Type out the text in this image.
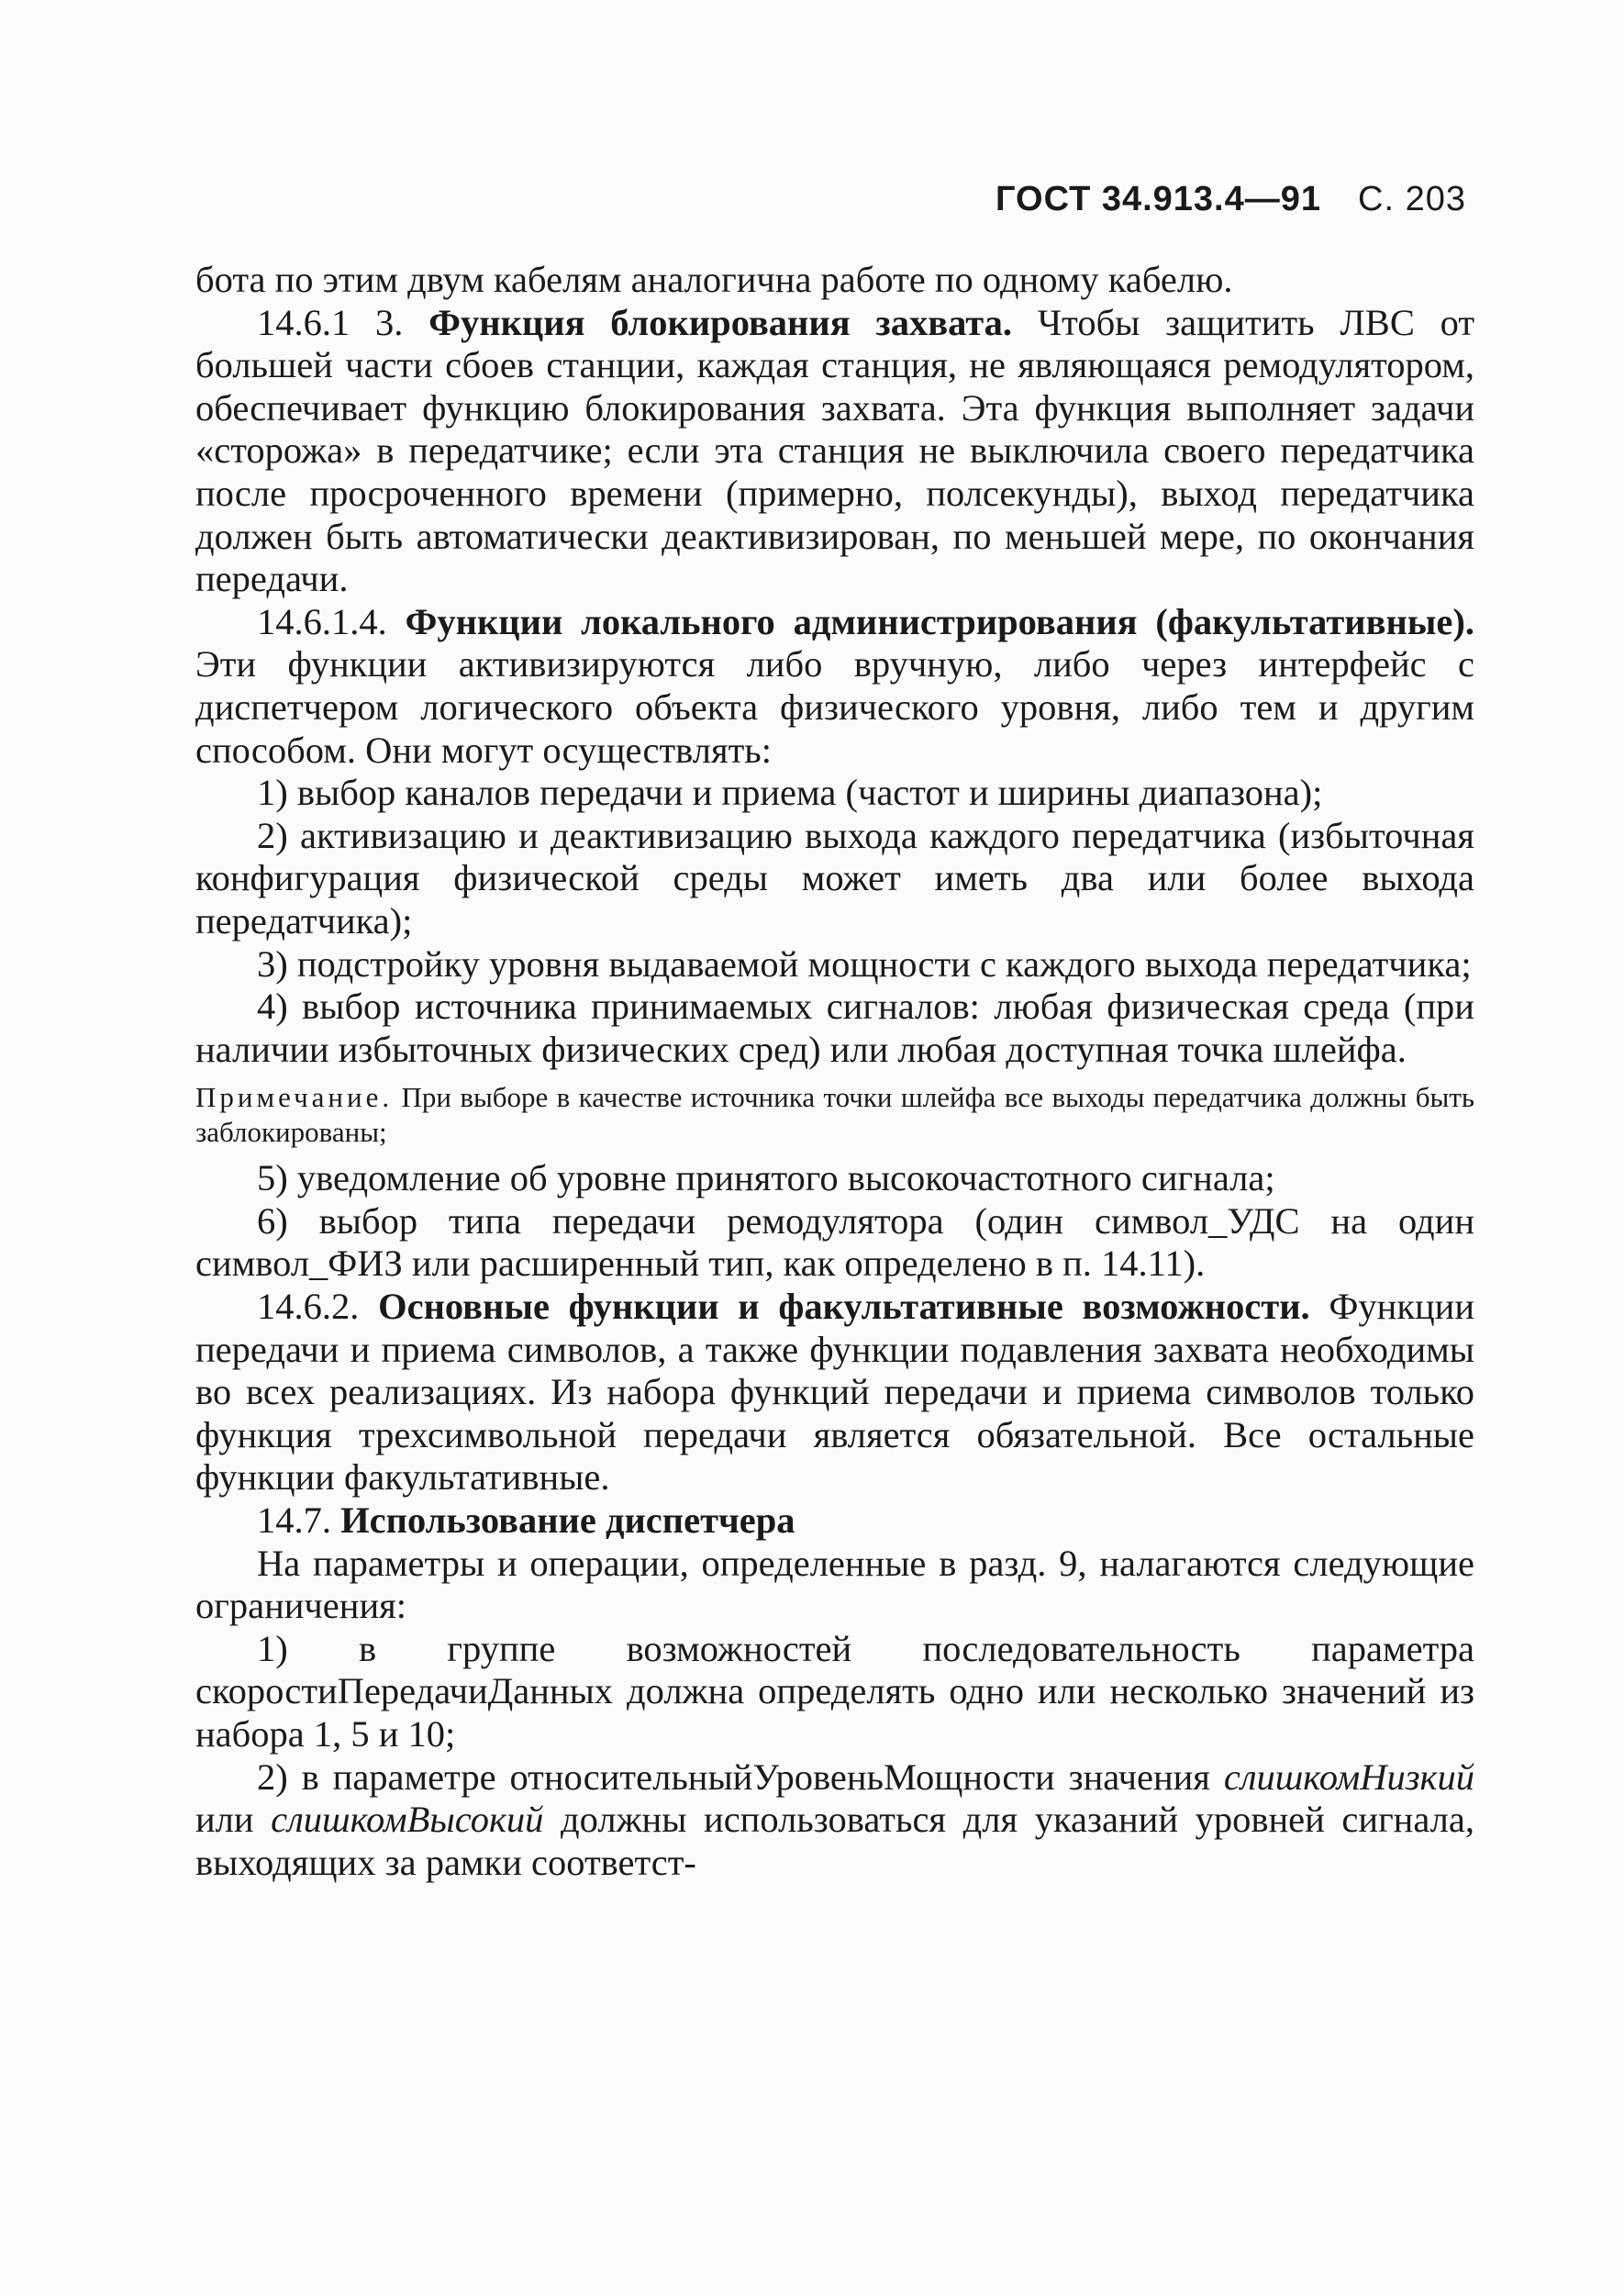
ГОСТ 34.913.4—91 С. 203

бота по этим двум кабелям аналогична работе по одному кабелю.

14.6.1 3. Функция блокирования захвата. Чтобы защитить ЛВС от большей части сбоев станции, каждая станция, не являющаяся ремодулятором, обеспечивает функцию блокирования захвата. Эта функция выполняет задачи «сторожа» в передатчике; если эта станция не выключила своего передатчика после просроченного времени (примерно, полсекунды), выход передатчика должен быть автоматически деактивизирован, по меньшей мере, по окончания передачи.

14.6.1.4. Функции локального администрирования (факультативные). Эти функции активизируются либо вручную, либо через интерфейс с диспетчером логического объекта физического уровня, либо тем и другим способом. Они могут осуществлять:

1) выбор каналов передачи и приема (частот и ширины диапазона);

2) активизацию и деактивизацию выхода каждого передатчика (избыточная конфигурация физической среды может иметь два или более выхода передатчика);

3) подстройку уровня выдаваемой мощности с каждого выхода передатчика;

4) выбор источника принимаемых сигналов: любая физическая среда (при наличии избыточных физических сред) или любая доступная точка шлейфа.

Примечание. При выборе в качестве источника точки шлейфа все выходы передатчика должны быть заблокированы;

5) уведомление об уровне принятого высокочастотного сигнала;

6) выбор типа передачи ремодулятора (один символ_УДС на один символ_ФИЗ или расширенный тип, как определено в п. 14.11).

14.6.2. Основные функции и факультативные возможности. Функции передачи и приема символов, а также функции подавления захвата необходимы во всех реализациях. Из набора функций передачи и приема символов только функция трехсимвольной передачи является обязательной. Все остальные функции факультативные.

14.7. Использование диспетчера

На параметры и операции, определенные в разд. 9, налагаются следующие ограничения:

1) в группе возможностей последовательность параметра скоростиПередачиДанных должна определять одно или несколько значений из набора 1, 5 и 10;

2) в параметре относительныйУровеньМощности значения слишкомНизкий или слишкомВысокий должны использоваться для указаний уровней сигнала, выходящих за рамки соответст-
